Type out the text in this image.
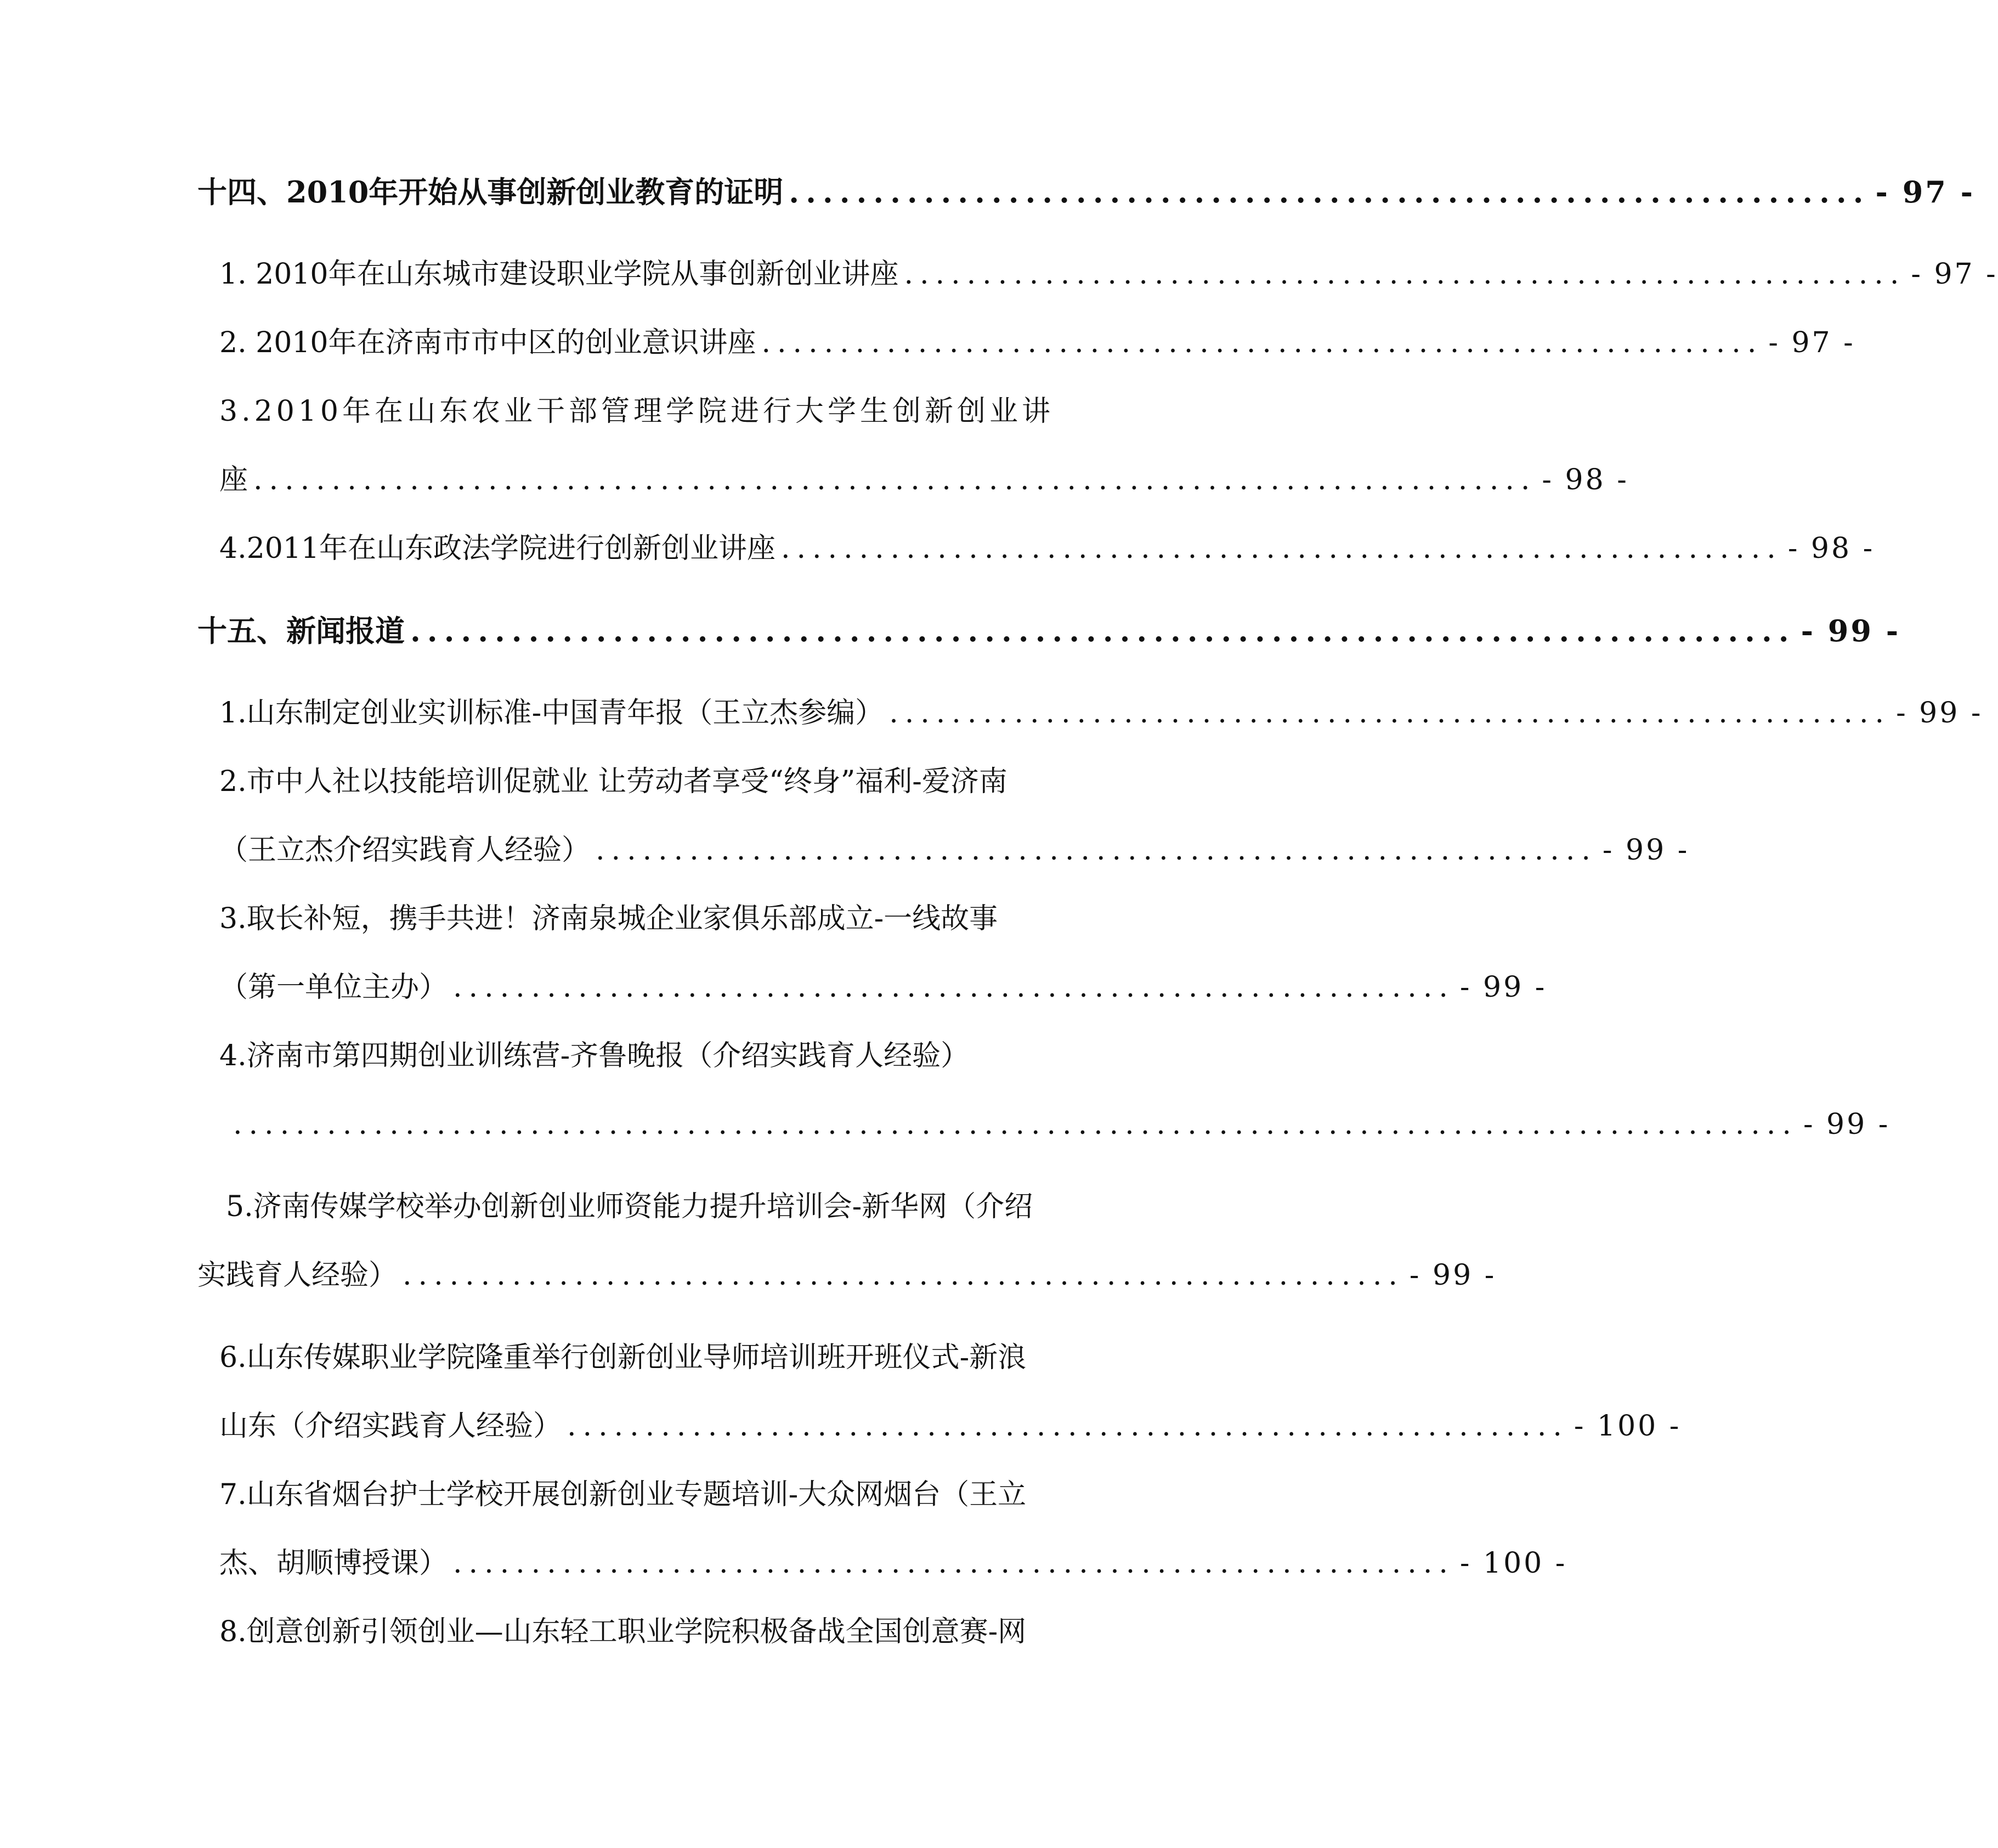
十四、2010年开始从事创新创业教育的证明 ................................................................ - 97 -
1. 2010年在山东城市建设职业学院从事创新创业讲座 ................................................................ - 97 -
2. 2010年在济南市市中区的创业意识讲座 ................................................................ - 97 -
3.2010年在山东农业干部管理学院进行大学生创新创业讲
座 .................................................................................. - 98 -
4.2011年在山东政法学院进行创新创业讲座 ................................................................ - 98 -
十五、新闻报道 .................................................................................. - 99 -
1.山东制定创业实训标准-中国青年报（王立杰参编） ................................................................ - 99 -
2.市中人社以技能培训促就业 让劳动者享受“终身”福利-爱济南
（王立杰介绍实践育人经验） ................................................................ - 99 -
3.取长补短，携手共进！济南泉城企业家俱乐部成立-一线故事
（第一单位主办） ................................................................ - 99 -
4.济南市第四期创业训练营-齐鲁晚报（介绍实践育人经验）
.................................................................................................... - 99 -
5.济南传媒学校举办创新创业师资能力提升培训会-新华网（介绍
实践育人经验） ................................................................ - 99 -
6.山东传媒职业学院隆重举行创新创业导师培训班开班仪式-新浪
山东（介绍实践育人经验） ................................................................ - 100 -
7.山东省烟台护士学校开展创新创业专题培训-大众网烟台（王立
杰、胡顺博授课） ................................................................ - 100 -
8.创意创新引领创业—山东轻工职业学院积极备战全国创意赛-网
